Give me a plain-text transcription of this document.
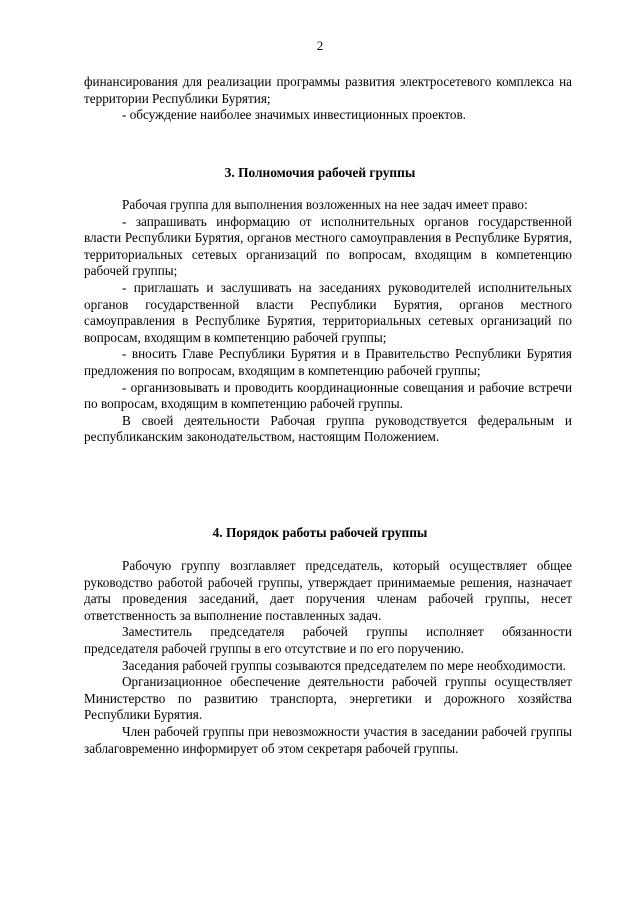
2

финансирования для реализации программы развития электросетевого комплекса на территории Республики Бурятия;

- обсуждение наиболее значимых инвестиционных проектов.

3. Полномочия рабочей группы

Рабочая группа для выполнения возложенных на нее задач имеет право:

- запрашивать информацию от исполнительных органов государственной власти Республики Бурятия, органов местного самоуправления в Республике Бурятия, территориальных сетевых организаций по вопросам, входящим в компетенцию рабочей группы;

- приглашать и заслушивать на заседаниях руководителей исполнительных органов государственной власти Республики Бурятия, органов местного самоуправления в Республике Бурятия, территориальных сетевых организаций по вопросам, входящим в компетенцию рабочей группы;

- вносить Главе Республики Бурятия и в Правительство Республики Бурятия предложения по вопросам, входящим в компетенцию рабочей группы;

- организовывать и проводить координационные совещания и рабочие встречи по вопросам, входящим в компетенцию рабочей группы.

В своей деятельности Рабочая группа руководствуется федеральным и республиканским законодательством, настоящим Положением.

4. Порядок работы рабочей группы

Рабочую группу возглавляет председатель, который осуществляет общее руководство работой рабочей группы, утверждает принимаемые решения, назначает даты проведения заседаний, дает поручения членам рабочей группы, несет ответственность за выполнение поставленных задач.

Заместитель председателя рабочей группы исполняет обязанности председателя рабочей группы в его отсутствие и по его поручению.

Заседания рабочей группы созываются председателем по мере необходимости.

Организационное обеспечение деятельности рабочей группы осуществляет Министерство по развитию транспорта, энергетики и дорожного хозяйства Республики Бурятия.

Член рабочей группы при невозможности участия в заседании рабочей группы заблаговременно информирует об этом секретаря рабочей группы.
